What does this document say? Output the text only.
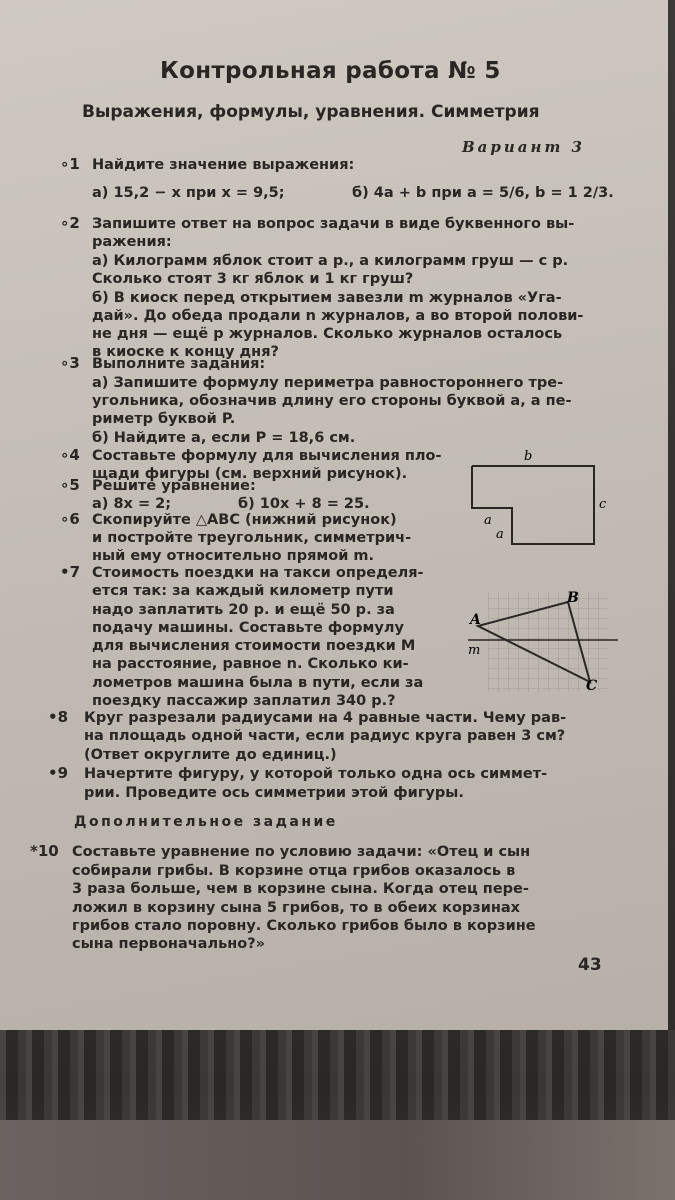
Контрольная работа № 5
Выражения, формулы, уравнения. Симметрия
Вариант 3
∘1 Найдите значение выражения:
а) 15,2 − x при x = 9,5;	б) 4a + b при a = 5/6, b = 1 2/3.
∘2 Запишите ответ на вопрос задачи в виде буквенного вы-
ражения:
а) Килограмм яблок стоит a р., а килограмм груш — c р.
Сколько стоят 3 кг яблок и 1 кг груш?
б) В киоск перед открытием завезли m журналов «Уга-
дай». До обеда продали n журналов, а во второй полови-
не дня — ещё p журналов. Сколько журналов осталось
в киоске к концу дня?
∘3 Выполните задания:
а) Запишите формулу периметра равностороннего тре-
угольника, обозначив длину его стороны буквой a, а пе-
риметр буквой P.
б) Найдите a, если P = 18,6 см.
∘4 Составьте формулу для вычисления пло-
щади фигуры (см. верхний рисунок).
∘5 Решите уравнение:
а) 8x = 2;	б) 10x + 8 = 25.
∘6 Скопируйте △ABC (нижний рисунок)
и постройте треугольник, симметрич-
ный ему относительно прямой m.
•7 Стоимость поездки на такси определя-
ется так: за каждый километр пути
надо заплатить 20 р. и ещё 50 р. за
подачу машины. Составьте формулу
для вычисления стоимости поездки M
на расстояние, равное n. Сколько ки-
лометров машина была в пути, если за
поездку пассажир заплатил 340 р.?
•8 Круг разрезали радиусами на 4 равные части. Чему рав-
на площадь одной части, если радиус круга равен 3 см?
(Ответ округлите до единиц.)
•9 Начертите фигуру, у которой только одна ось симмет-
рии. Проведите ось симметрии этой фигуры.
Дополнительное задание
*10 Составьте уравнение по условию задачи: «Отец и сын
собирали грибы. В корзине отца грибов оказалось в
3 раза больше, чем в корзине сына. Когда отец пере-
ложил в корзину сына 5 грибов, то в обеих корзинах
грибов стало поровну. Сколько грибов было в корзине
сына первоначально?»
b
c
a
a
A
B
C
m
43
